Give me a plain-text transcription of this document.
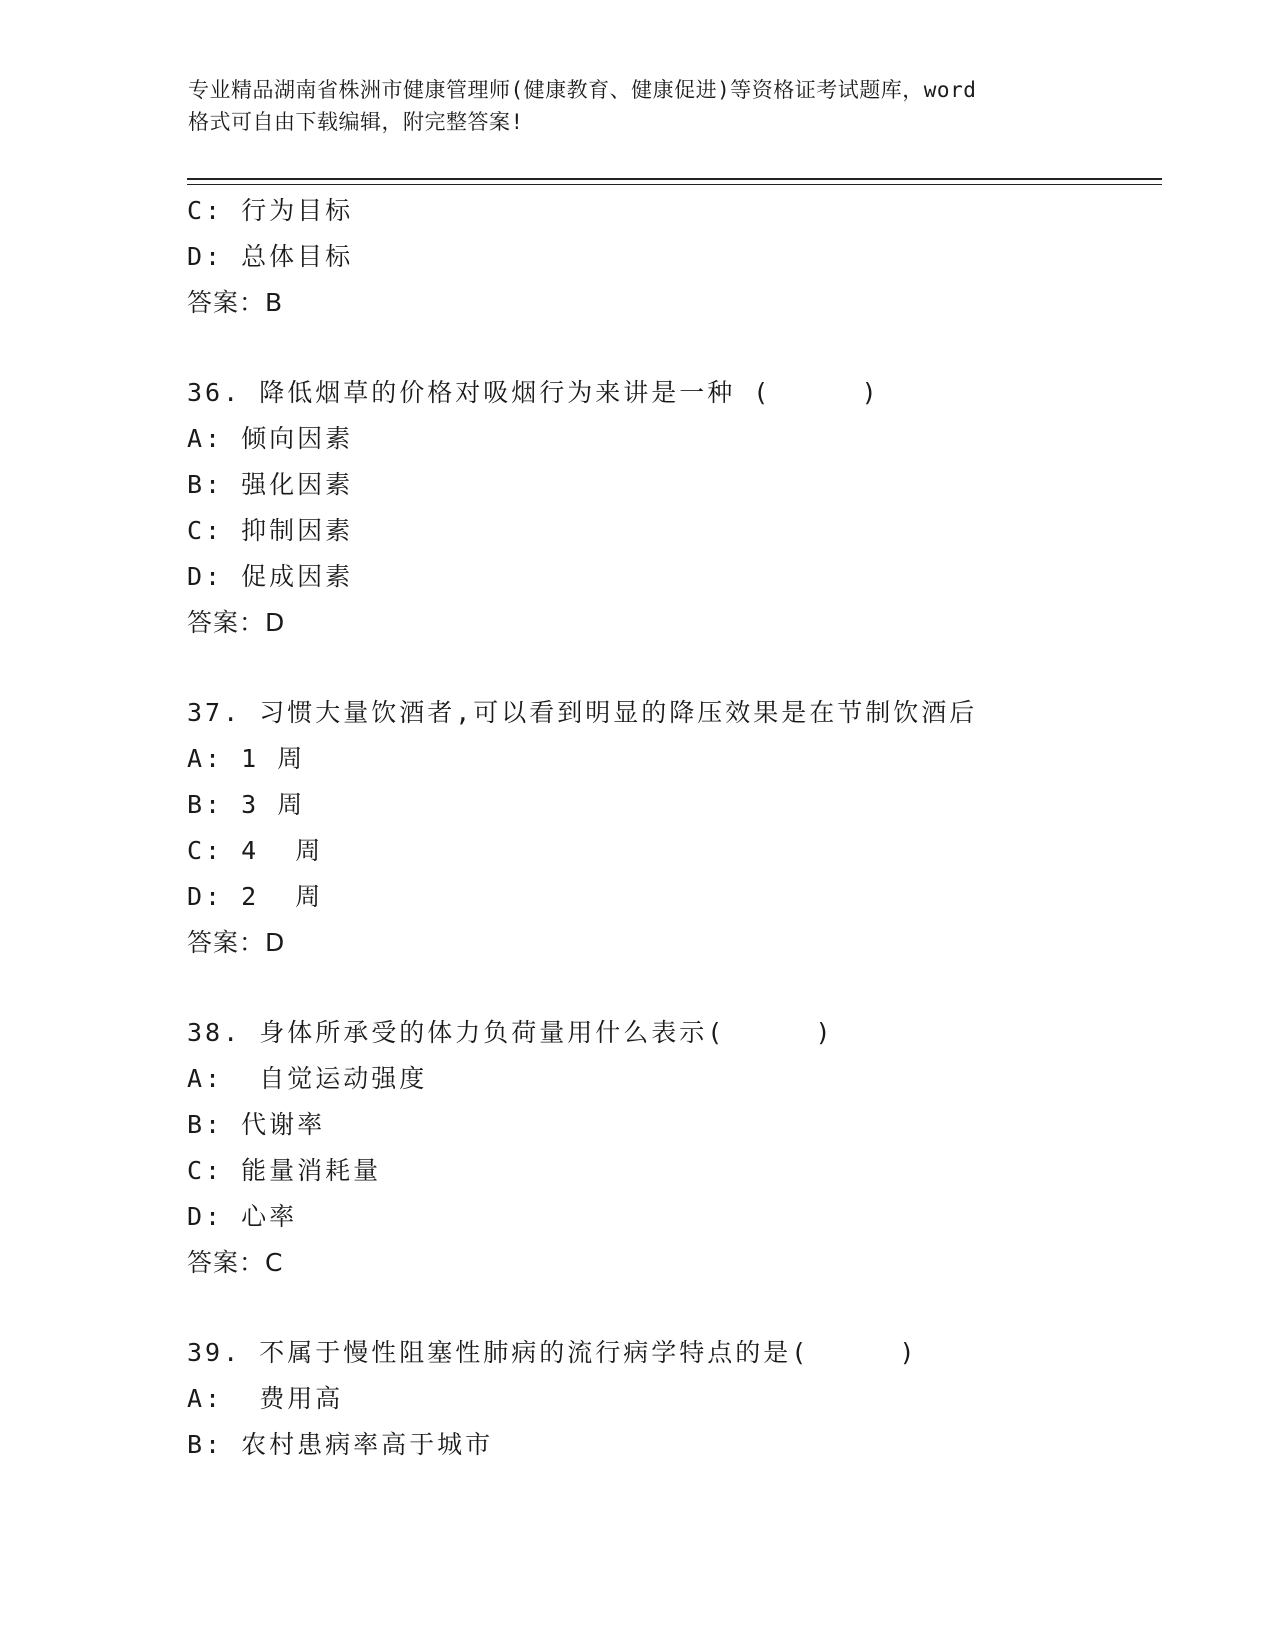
专业精品湖南省株洲市健康管理师(健康教育、健康促进)等资格证考试题库，word
格式可自由下载编辑，附完整答案!
C: 行为目标
D: 总体目标
答案：B
36. 降低烟草的价格对吸烟行为来讲是一种 (     )
A: 倾向因素
B: 强化因素
C: 抑制因素
D: 促成因素
答案：D
37. 习惯大量饮酒者,可以看到明显的降压效果是在节制饮酒后
A: 1 周
B: 3 周
C: 4  周
D: 2  周
答案：D
38. 身体所承受的体力负荷量用什么表示(     )
A:  自觉运动强度
B: 代谢率
C: 能量消耗量
D: 心率
答案：C
39. 不属于慢性阻塞性肺病的流行病学特点的是(     )
A:  费用高
B: 农村患病率高于城市
